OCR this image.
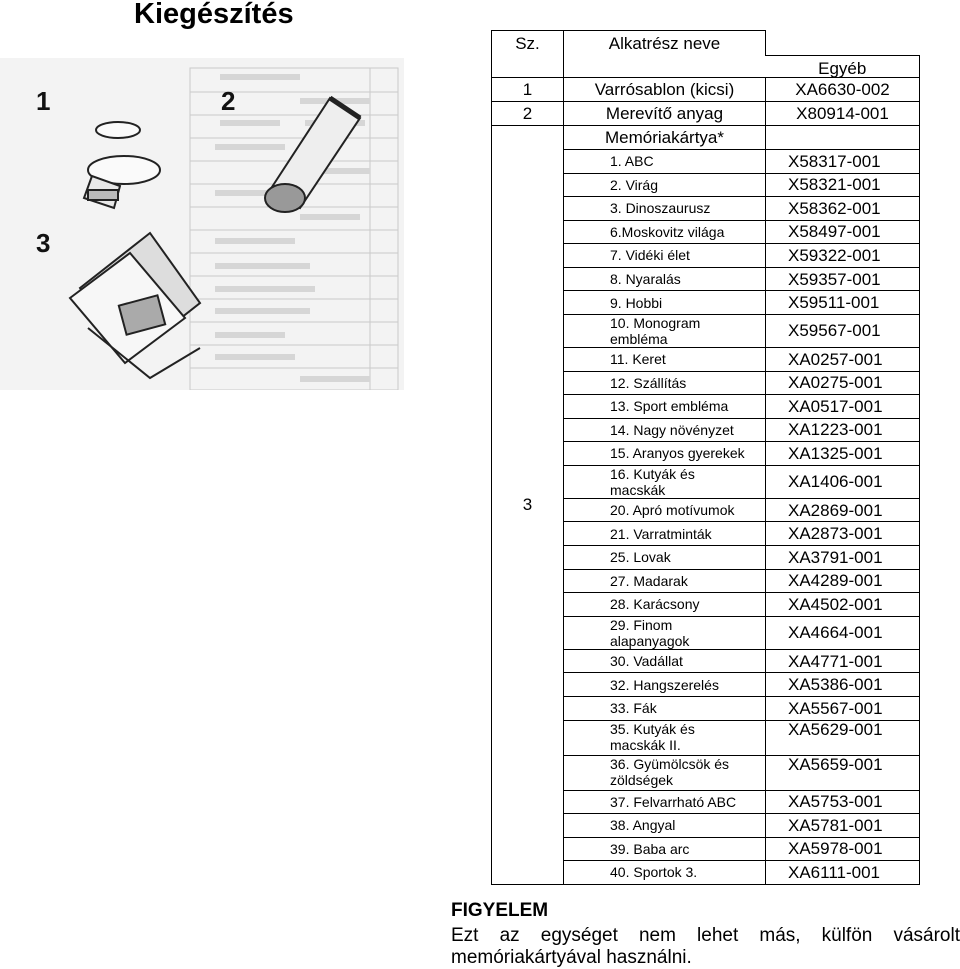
Kiegészítés
1	2
3
Sz.	Alkatrész neve	
		Egyéb
1	Varrósablon (kicsi)	XA6630-002
2	Merevítő anyag	X80914-001
3	Memóriakártya*	

	1. ABC	X58317-001

	2. Virág	X58321-001

	3. Dinoszaurusz	X58362-001

	6.Moskovitz világa	X58497-001

	7. Vidéki élet	X59322-001

	8. Nyaralás	X59357-001

	9. Hobbi	X59511-001

	10. Monogram embléma	X59567-001

	11. Keret	XA0257-001

	12. Szállítás	XA0275-001

	13. Sport embléma	XA0517-001

	14. Nagy növényzet	XA1223-001

	15. Aranyos gyerekek	XA1325-001

	16. Kutyák és macskák	XA1406-001

	20. Apró motívumok	XA2869-001

	21. Varratminták	XA2873-001

	25. Lovak	XA3791-001

	27. Madarak	XA4289-001

	28. Karácsony	XA4502-001

	29. Finom alapanyagok	XA4664-001

	30. Vadállat	XA4771-001

	32. Hangszerelés	XA5386-001

	33. Fák	XA5567-001

	35. Kutyák és macskák II.	XA5629-001

	36. Gyümölcsök és zöldségek	XA5659-001

	37. Felvarrható ABC	XA5753-001

	38. Angyal	XA5781-001

	39. Baba arc	XA5978-001

	40. Sportok 3.	XA6111-001
FIGYELEM
Ezt az egységet nem lehet más, külfön vásárolt
memóriakártyával használni.
